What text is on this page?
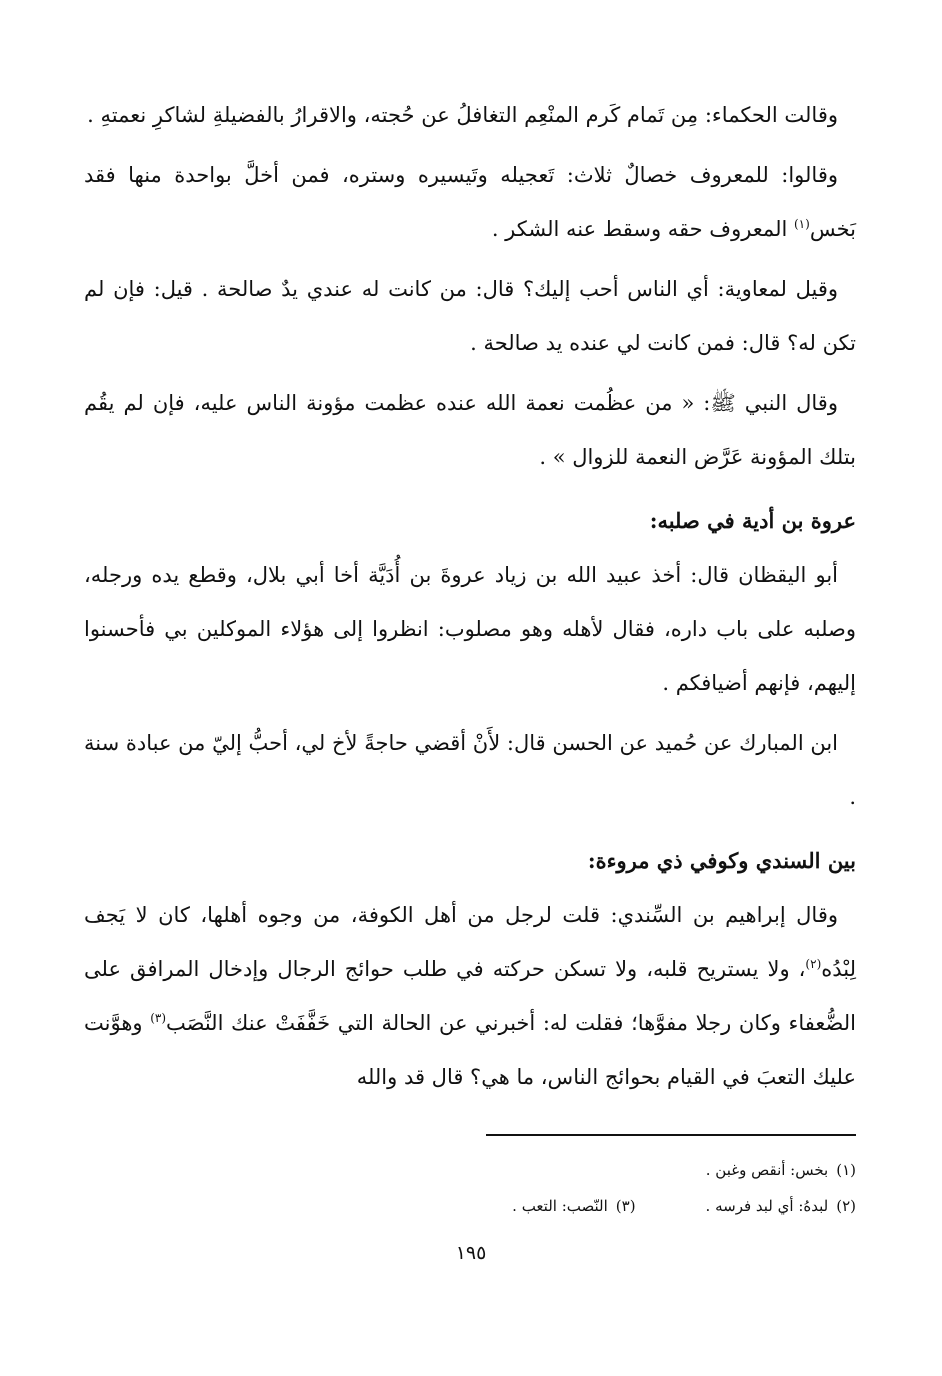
وقالت الحكماء: مِن تَمام كَرم المنْعِم التغافلُ عن حُجته، والاقرارُ بالفضيلةِ لشاكرِ نعمتهِ .

وقالوا: للمعروف خصالٌ ثلاث: تَعجيله وتَيسيره وستره، فمن أخلَّ بواحدة منها فقد بَخس$^{(١)}$ المعروف حقه وسقط عنه الشكر .

وقيل لمعاوية: أي الناس أحب إليك؟ قال: من كانت له عندي يدٌ صالحة . قيل: فإن لم تكن له؟ قال: فمن كانت لي عنده يد صالحة .

وقال النبي ﷺ: « من عظُمت نعمة الله عنده عظمت مؤونة الناس عليه، فإن لم يقُم بتلك المؤونة عَرَّض النعمة للزوال » .

عروة بن أدية في صلبه:

أبو اليقظان قال: أخذ عبيد الله بن زياد عروةَ بن أُدَيَّة أخا أبي بلال، وقطع يده ورجله، وصلبه على باب داره، فقال لأهله وهو مصلوب: انظروا إلى هؤلاء الموكلين بي فأحسنوا إليهم، فإنهم أضيافكم .

ابن المبارك عن حُميد عن الحسن قال: لأَنْ أقضي حاجةً لأخ لي، أحبُّ إليّ من عبادة سنة .

بين السندي وكوفي ذي مروءة:

وقال إبراهيم بن السِّندي: قلت لرجل من أهل الكوفة، من وجوه أهلها، كان لا يَجف لِبْدُه$^{(٢)}$، ولا يستريح قلبه، ولا تسكن حركته في طلب حوائج الرجال وإدخال المرافق على الضُّعفاء وكان رجلا مفوَّها؛ فقلت له: أخبرني عن الحالة التي خَفَّفَتْ عنك النَّصَب$^{(٣)}$ وهوَّنت عليك التعبَ في القيام بحوائج الناس، ما هي؟ قال قد والله

(١)بخس: أنقص وغبن .
(٢)لبدهُ: أي لبد فرسه .
(٣)النّصب: التعب .
١٩٥
